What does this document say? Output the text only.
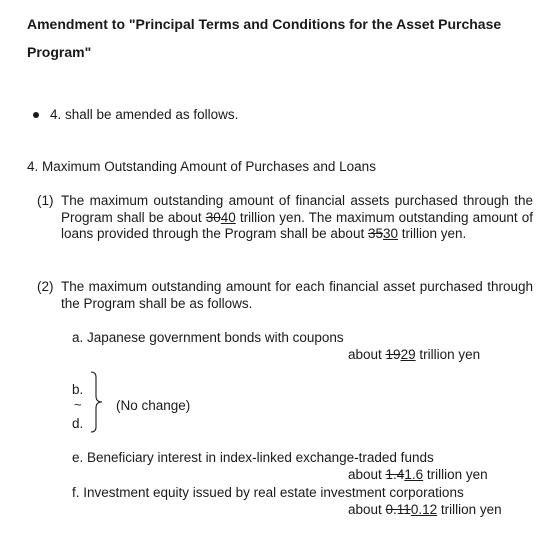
Amendment to "Principal Terms and Conditions for the Asset Purchase
Program"
4. shall be amended as follows.
4. Maximum Outstanding Amount of Purchases and Loans
(1) The maximum outstanding amount of financial assets purchased through the Program shall be about 3040 trillion yen. The maximum outstanding amount of loans provided through the Program shall be about 3530 trillion yen.
(2) The maximum outstanding amount for each financial asset purchased through the Program shall be as follows.
a. Japanese government bonds with coupons
about 1929 trillion yen
b.
~
d.
(No change)
e. Beneficiary interest in index-linked exchange-traded funds
about 1.41.6 trillion yen
f. Investment equity issued by real estate investment corporations
about 0.110.12 trillion yen
